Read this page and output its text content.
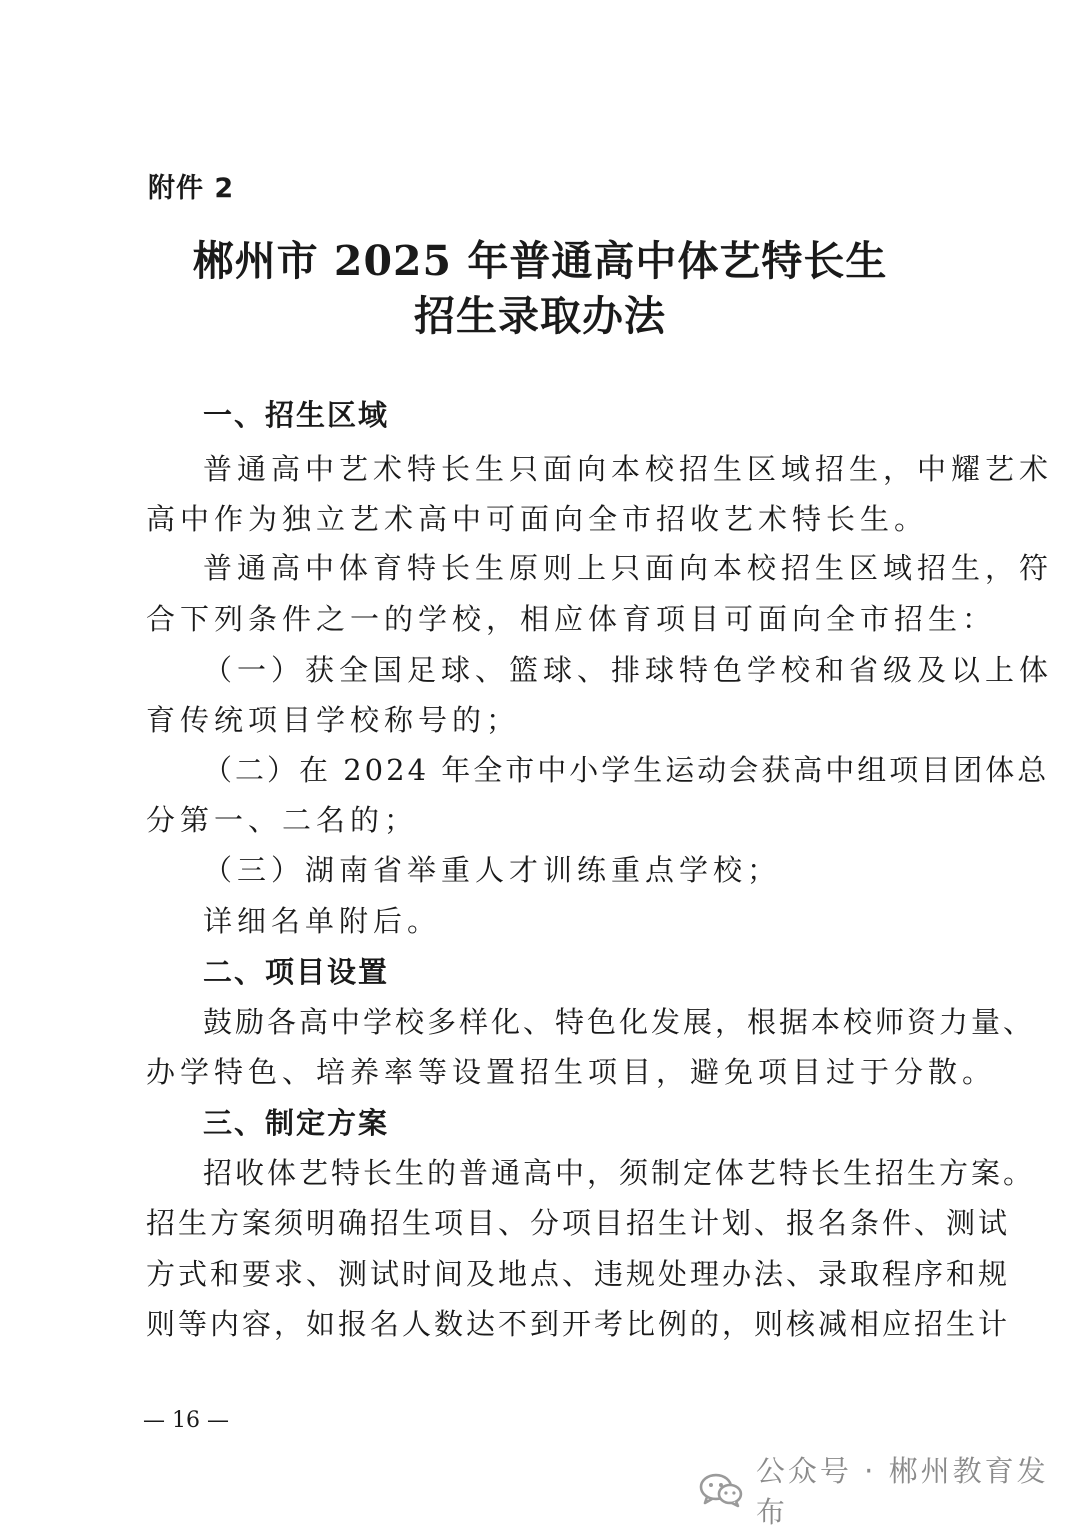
附件 2
郴州市 2025 年普通高中体艺特长生
招生录取办法
一、招生区域
普通高中艺术特长生只面向本校招生区域招生，中耀艺术
高中作为独立艺术高中可面向全市招收艺术特长生。
普通高中体育特长生原则上只面向本校招生区域招生，符
合下列条件之一的学校，相应体育项目可面向全市招生：
（一）获全国足球、篮球、排球特色学校和省级及以上体
育传统项目学校称号的；
（二）在 2024 年全市中小学生运动会获高中组项目团体总
分第一、二名的；
（三）湖南省举重人才训练重点学校；
详细名单附后。
二、项目设置
鼓励各高中学校多样化、特色化发展，根据本校师资力量、
办学特色、培养率等设置招生项目，避免项目过于分散。
三、制定方案
招收体艺特长生的普通高中，须制定体艺特长生招生方案。
招生方案须明确招生项目、分项目招生计划、报名条件、测试
方式和要求、测试时间及地点、违规处理办法、录取程序和规
则等内容，如报名人数达不到开考比例的，则核减相应招生计
— 16 —
公众号 · 郴州教育发布
